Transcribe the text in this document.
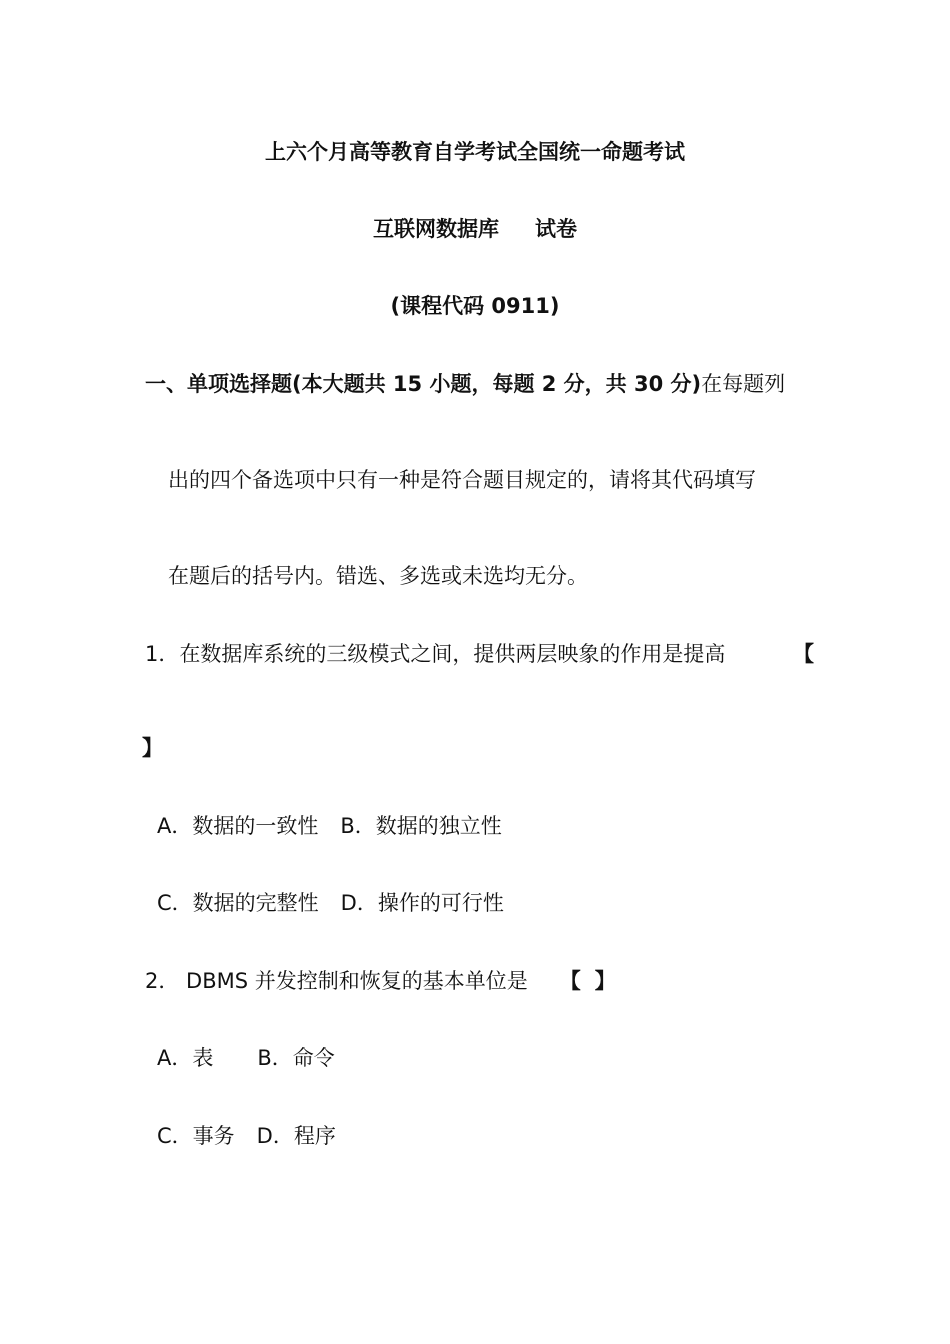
上六个月高等教育自学考试全国统一命题考试
互联网数据库 试卷
(课程代码 0911)
一、单项选择题(本大题共 15 小题，每题 2 分，共 30 分)在每题列
出的四个备选项中只有一种是符合题目规定的，请将其代码填写
在题后的括号内。错选、多选或未选均无分。
1．在数据库系统的三级模式之间，提供两层映象的作用是提高	【
】
A．数据的一致性 B．数据的独立性
C．数据的完整性 D．操作的可行性
2． DBMS 并发控制和恢复的基本单位是 【 】
A．表 B．命令
C．事务 D．程序
